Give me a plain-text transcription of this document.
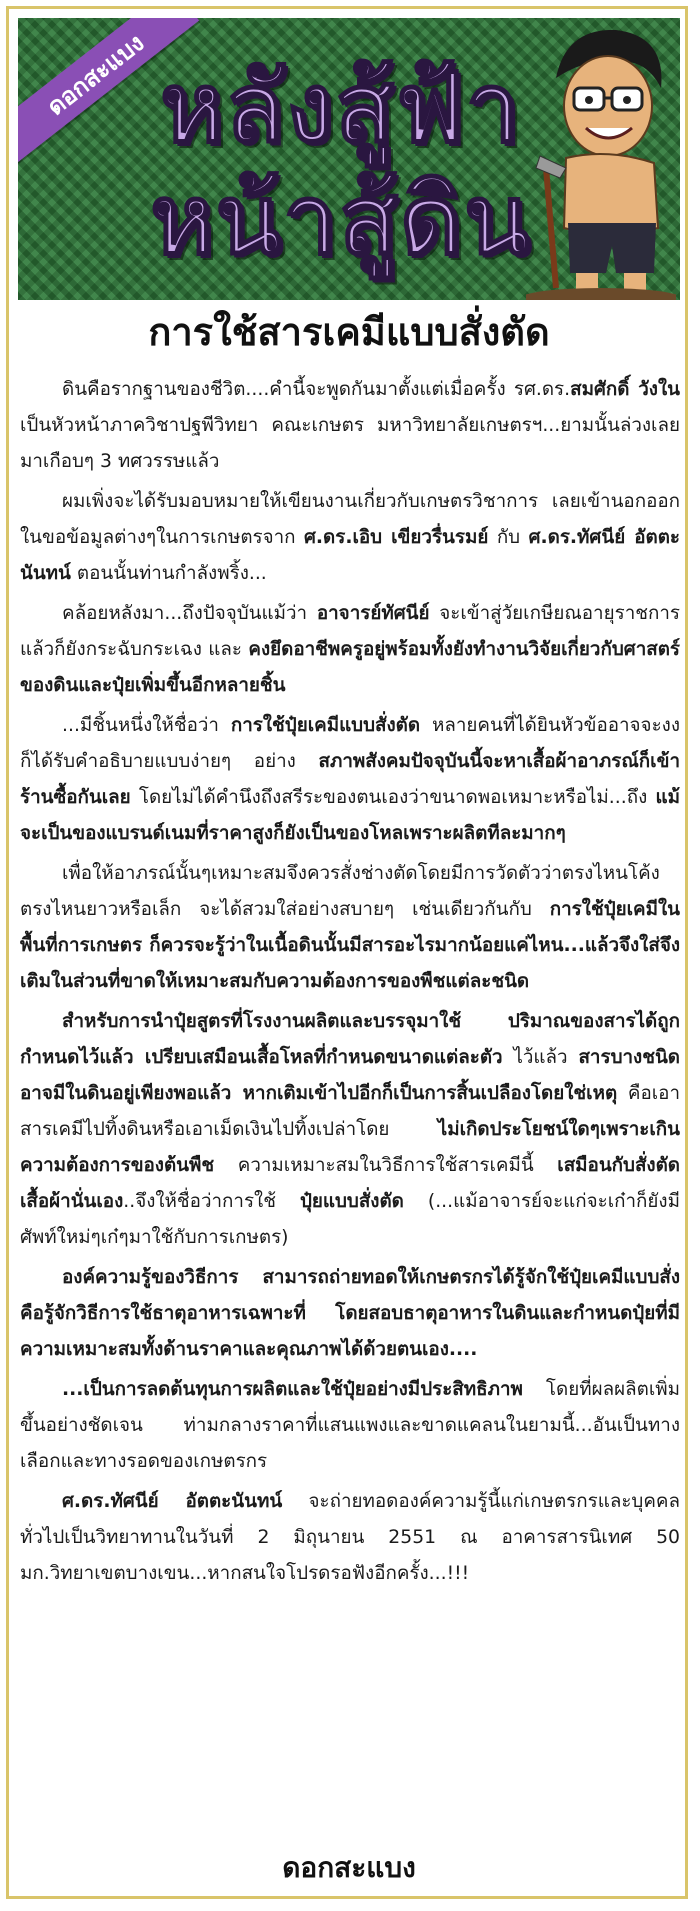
ดอกสะแบง หลังสู้ฟ้า
หน้าสู้ดิน
การใช้สารเคมีแบบสั่งตัด

ดินคือรากฐานของชีวิต....คำนี้จะพูดกันมาตั้งแต่เมื่อครั้ง รศ.ดร.สมศักดิ์ วังใน เป็นหัวหน้าภาควิชาปฐพีวิทยา คณะเกษตร มหาวิทยาลัยเกษตรฯ...ยามนั้นล่วงเลยมาเกือบๆ 3 ทศวรรษแล้ว

ผมเพิ่งจะได้รับมอบหมายให้เขียนงานเกี่ยวกับเกษตรวิชาการ เลยเข้านอกออกในขอข้อมูลต่างๆในการเกษตรจาก ศ.ดร.เอิบ เขียวรื่นรมย์ กับ ศ.ดร.ทัศนีย์ อัตตะนันทน์ ตอนนั้นท่านกำลังพริ้ง...

คล้อยหลังมา...ถึงปัจจุบันแม้ว่า อาจารย์ทัศนีย์ จะเข้าสู่วัยเกษียณอายุราชการแล้วก็ยังกระฉับกระเฉง และ คงยึดอาชีพครูอยู่พร้อมทั้งยังทำงานวิจัยเกี่ยวกับศาสตร์ของดินและปุ๋ยเพิ่มขึ้นอีกหลายชิ้น

...มีชิ้นหนึ่งให้ชื่อว่า การใช้ปุ๋ยเคมีแบบสั่งตัด หลายคนที่ได้ยินหัวข้ออาจจะงง ก็ได้รับคำอธิบายแบบง่ายๆ อย่าง สภาพสังคมปัจจุบันนี้จะหาเสื้อผ้าอาภรณ์ก็เข้าร้านซื้อกันเลย โดยไม่ได้คำนึงถึงสรีระของตนเองว่าขนาดพอเหมาะหรือไม่...ถึง แม้จะเป็นของแบรนด์เนมที่ราคาสูงก็ยังเป็นของโหลเพราะผลิตทีละมากๆ

เพื่อให้อาภรณ์นั้นๆเหมาะสมจึงควรสั่งช่างตัดโดยมีการวัดตัวว่าตรงไหนโค้งตรงไหนยาวหรือเล็ก จะได้สวมใส่อย่างสบายๆ เช่นเดียวกันกับ การใช้ปุ๋ยเคมีในพื้นที่การเกษตร ก็ควรจะรู้ว่าในเนื้อดินนั้นมีสารอะไรมากน้อยแค่ไหน...แล้วจึงใส่จึงเติมในส่วนที่ขาดให้เหมาะสมกับความต้องการของพืชแต่ละชนิด

สำหรับการนำปุ๋ยสูตรที่โรงงานผลิตและบรรจุมาใช้ ปริมาณของสารได้ถูกกำหนดไว้แล้ว เปรียบเสมือนเสื้อโหลที่กำหนดขนาดแต่ละตัว ไว้แล้ว สารบางชนิดอาจมีในดินอยู่เพียงพอแล้ว หากเติมเข้าไปอีกก็เป็นการสิ้นเปลืองโดยใช่เหตุ คือเอาสารเคมีไปทิ้งดินหรือเอาเม็ดเงินไปทิ้งเปล่าโดย ไม่เกิดประโยชน์ใดๆเพราะเกินความต้องการของต้นพืช ความเหมาะสมในวิธีการใช้สารเคมีนี้ เสมือนกับสั่งตัดเสื้อผ้านั่นเอง..จึงให้ชื่อว่าการใช้ ปุ๋ยแบบสั่งตัด (...แม้อาจารย์จะแก่จะเก๋าก็ยังมีศัพท์ใหม่ๆเก๋ๆมาใช้กับการเกษตร)

องค์ความรู้ของวิธีการ สามารถถ่ายทอดให้เกษตรกรได้รู้จักใช้ปุ๋ยเคมีแบบสั่ง คือรู้จักวิธีการใช้ธาตุอาหารเฉพาะที่ โดยสอบธาตุอาหารในดินและกำหนดปุ๋ยที่มีความเหมาะสมทั้งด้านราคาและคุณภาพได้ด้วยตนเอง....

...เป็นการลดต้นทุนการผลิตและใช้ปุ๋ยอย่างมีประสิทธิภาพ โดยที่ผลผลิตเพิ่มขึ้นอย่างชัดเจน ท่ามกลางราคาที่แสนแพงและขาดแคลนในยามนี้...อันเป็นทางเลือกและทางรอดของเกษตรกร

ศ.ดร.ทัศนีย์ อัตตะนันทน์ จะถ่ายทอดองค์ความรู้นี้แก่เกษตรกรและบุคคลทั่วไปเป็นวิทยาทานในวันที่ 2 มิถุนายน 2551 ณ อาคารสารนิเทศ 50 มก.วิทยาเขตบางเขน...หากสนใจโปรดรอฟังอีกครั้ง...!!!

ดอกสะแบง
